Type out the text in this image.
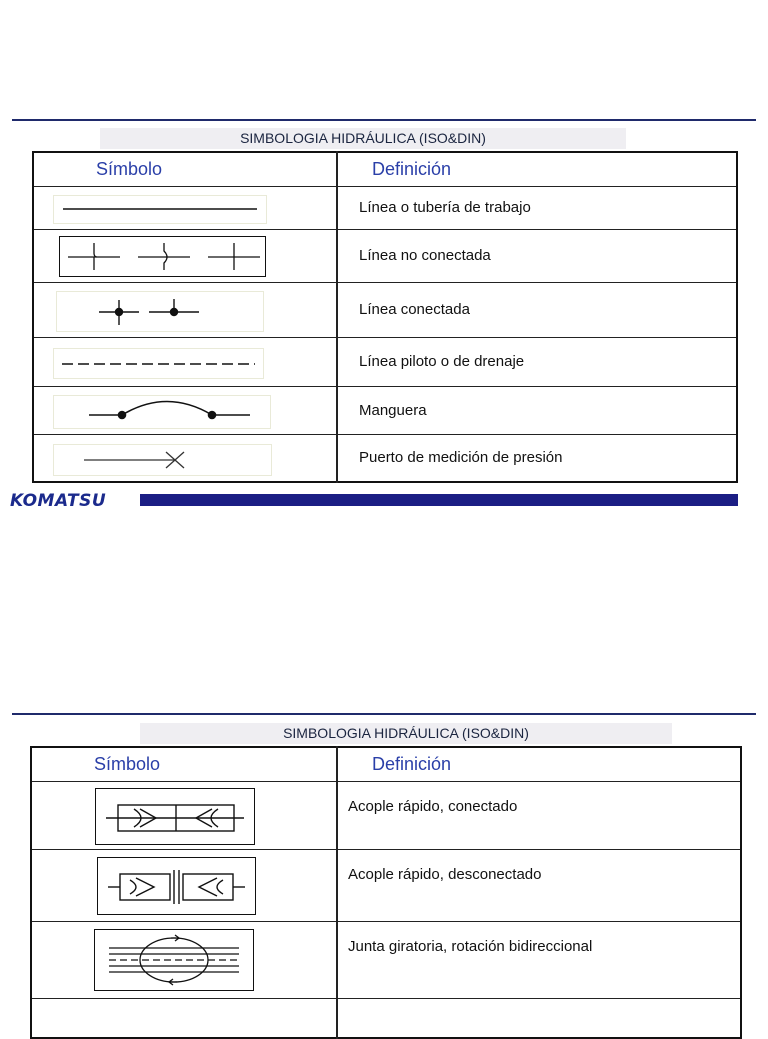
SIMBOLOGIA HIDRÁULICA (ISO&DIN)
Símbolo	Definición

	Línea o tubería de trabajo

	Línea no conectada

	Línea conectada

	Línea piloto o de drenaje

	Manguera

	Puerto de medición de presión
KOMATSU
SIMBOLOGIA HIDRÁULICA (ISO&DIN)
Símbolo	Definición

	Acople rápido, conectado

	Acople rápido, desconectado

	Junta giratoria, rotación bidireccional
